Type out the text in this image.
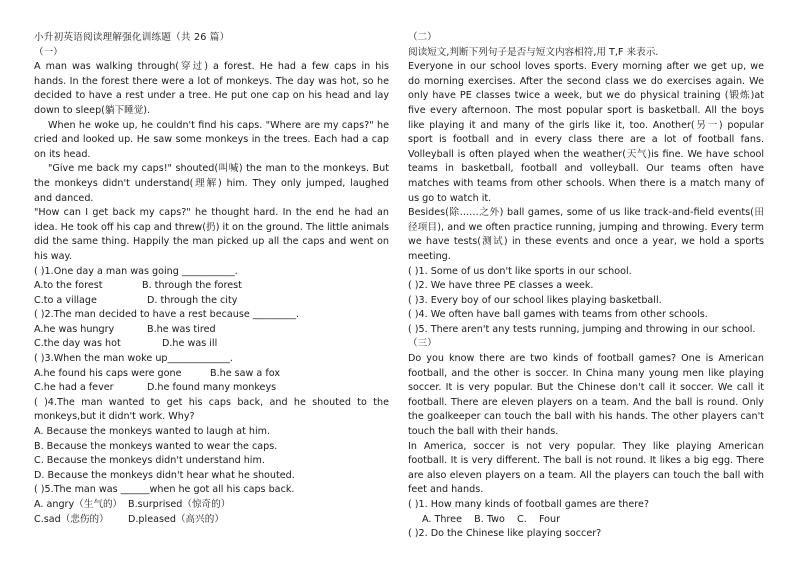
小升初英语阅读理解强化训练题（共 26 篇）

（一）

A man was walking through(穿过) a forest. He had a few caps in his hands. In the forest there were a lot of monkeys. The day was hot, so he decided to have a rest under a tree. He put one cap on his head and lay down to sleep(躺下睡觉).

When he woke up, he couldn't find his caps. "Where are my caps?" he cried and looked up. He saw some monkeys in the trees. Each had a cap on its head.

"Give me back my caps!" shouted(叫喊) the man to the monkeys. But the monkeys didn't understand(理解) him. They only jumped, laughed and danced.

"How can I get back my caps?" he thought hard. In the end he had an idea. He took off his cap and threw(扔) it on the ground. The little animals did the same thing. Happily the man picked up all the caps and went on his way.

( )1.One day a man was going ___________.

A.to the forest	B. through the forest
C.to a village	D. through the city

( )2.The man decided to have a rest because _________.

A.he was hungry	B.he was tired
C.the day was hot	D.he was ill

( )3.When the man woke up_____________.

A.he found his caps were gone	B.he saw a fox
C.he had a fever	D.he found many monkeys

( )4.The man wanted to get his caps back, and he shouted to the monkeys,but it didn't work. Why?

A. Because the monkeys wanted to laugh at him.

B. Because the monkeys wanted to wear the caps.

C. Because the monkeys didn't understand him.

D. Because the monkeys didn't hear what he shouted.

( )5.The man was ______when he got all his caps back.

A. angry（生气的） B.surprised（惊奇的）
C.sad（悲伤的）	D.pleased（高兴的）

（二）

阅读短文,判断下列句子是否与短文内容相符,用 T,F 来表示.

Everyone in our school loves sports. Every morning after we get up, we do morning exercises. After the second class we do exercises again. We only have PE classes twice a week, but we do physical training (锻炼)at five every afternoon. The most popular sport is basketball. All the boys like playing it and many of the girls like it, too. Another(另一) popular sport is football and in every class there are a lot of football fans. Volleyball is often played when the weather(天气)is fine. We have school teams in basketball, football and volleyball. Our teams often have matches with teams from other schools. When there is a match many of us go to watch it.

Besides(除……之外) ball games, some of us like track-and-field events(田径项目), and we often practice running, jumping and throwing. Every term we have tests(测试) in these events and once a year, we hold a sports meeting.

( )1. Some of us don't like sports in our school.

( )2. We have three PE classes a week.

( )3. Every boy of our school likes playing basketball.

( )4. We often have ball games with teams from other schools.

( )5. There aren't any tests running, jumping and throwing in our school.

（三）

Do you know there are two kinds of football games? One is American football, and the other is soccer. In China many young men like playing soccer. It is very popular. But the Chinese don't call it soccer. We call it football. There are eleven players on a team. And the ball is round. Only the goalkeeper can touch the ball with his hands. The other players can't touch the ball with their hands.

In America, soccer is not very popular. They like playing American football. It is very different. The ball is not round. It likes a big egg. There are also eleven players on a team. All the players can touch the ball with feet and hands.

( )1. How many kinds of football games are there?

A. Three    B. Two    C.    Four

( )2. Do the Chinese like playing soccer?
